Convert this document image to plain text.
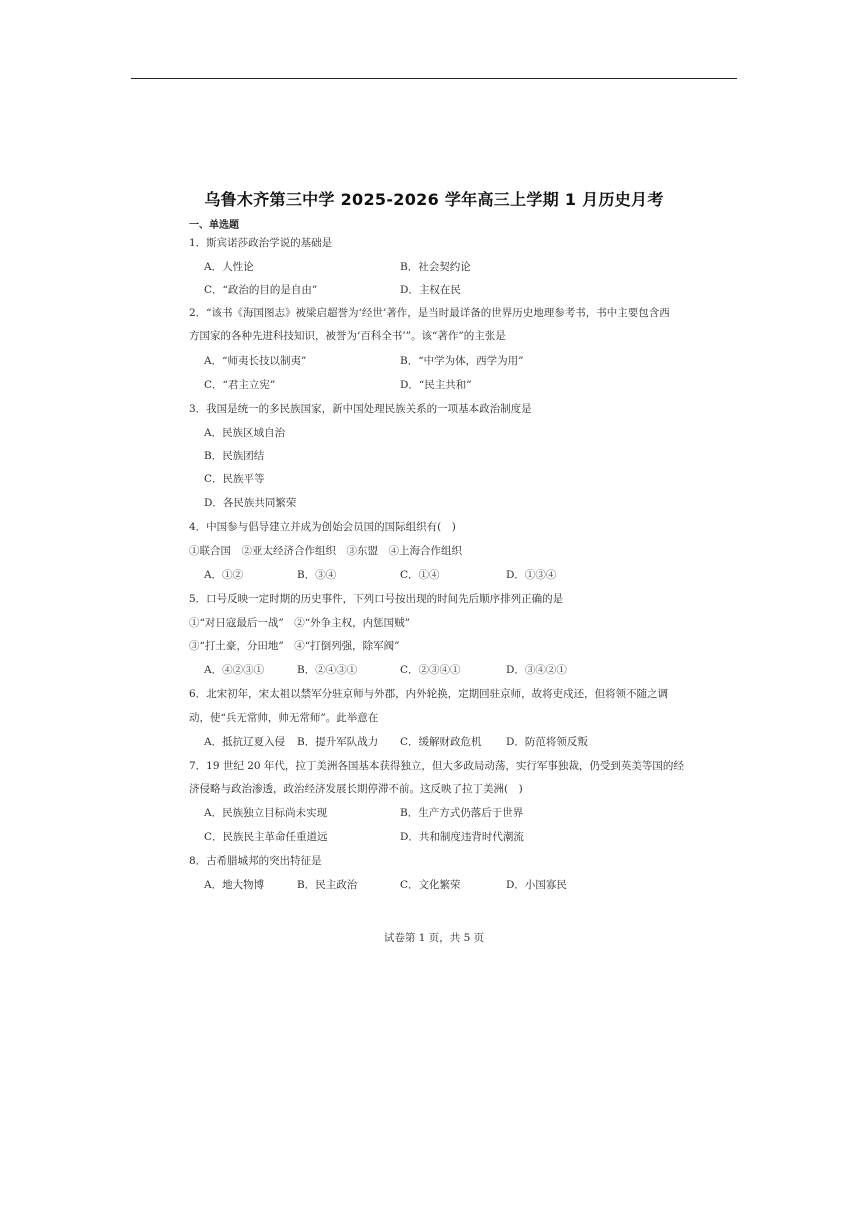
乌鲁木齐第三中学 2025-2026 学年高三上学期 1 月历史月考
一、单选题
1．斯宾诺莎政治学说的基础是
A．人性论	B．社会契约论
C．“政治的目的是自由”	D．主权在民
2．“该书《海国图志》被梁启超誉为‘经世’著作，是当时最详备的世界历史地理参考书，书中主要包含西
方国家的各种先进科技知识，被誉为‘百科全书’”。该“著作”的主张是
A．“师夷长技以制夷”	B．“中学为体，西学为用”
C．“君主立宪”	D．“民主共和”
3．我国是统一的多民族国家，新中国处理民族关系的一项基本政治制度是
A．民族区域自治
B．民族团结
C．民族平等
D．各民族共同繁荣
4．中国参与倡导建立并成为创始会员国的国际组织有(　)
①联合国　②亚太经济合作组织　③东盟　④上海合作组织
A．①②	B．③④	C．①④	D．①③④
5．口号反映一定时期的历史事件，下列口号按出现的时间先后顺序排列正确的是
①“对日寇最后一战”　②“外争主权，内惩国贼”
③“打土豪，分田地”　④“打倒列强，除军阀”
A．④②③①	B．②④③①	C．②③④①	D．③④②①
6．北宋初年，宋太祖以禁军分驻京师与外郡，内外轮换，定期回驻京师，故将吏戍还，但将领不随之调
动，使“兵无常帅，帅无常师”。此举意在
A．抵抗辽夏入侵 B．提升军队战力 C．缓解财政危机 D．防范将领反叛
7．19 世纪 20 年代，拉丁美洲各国基本获得独立，但大多政局动荡，实行军事独裁，仍受到英美等国的经
济侵略与政治渗透，政治经济发展长期停滞不前。这反映了拉丁美洲(　)
A．民族独立目标尚未实现	B．生产方式仍落后于世界
C．民族民主革命任重道远	D．共和制度违背时代潮流
8．古希腊城邦的突出特征是
A．地大物博	B．民主政治	C．文化繁荣	D．小国寡民
试卷第 1 页，共 5 页
